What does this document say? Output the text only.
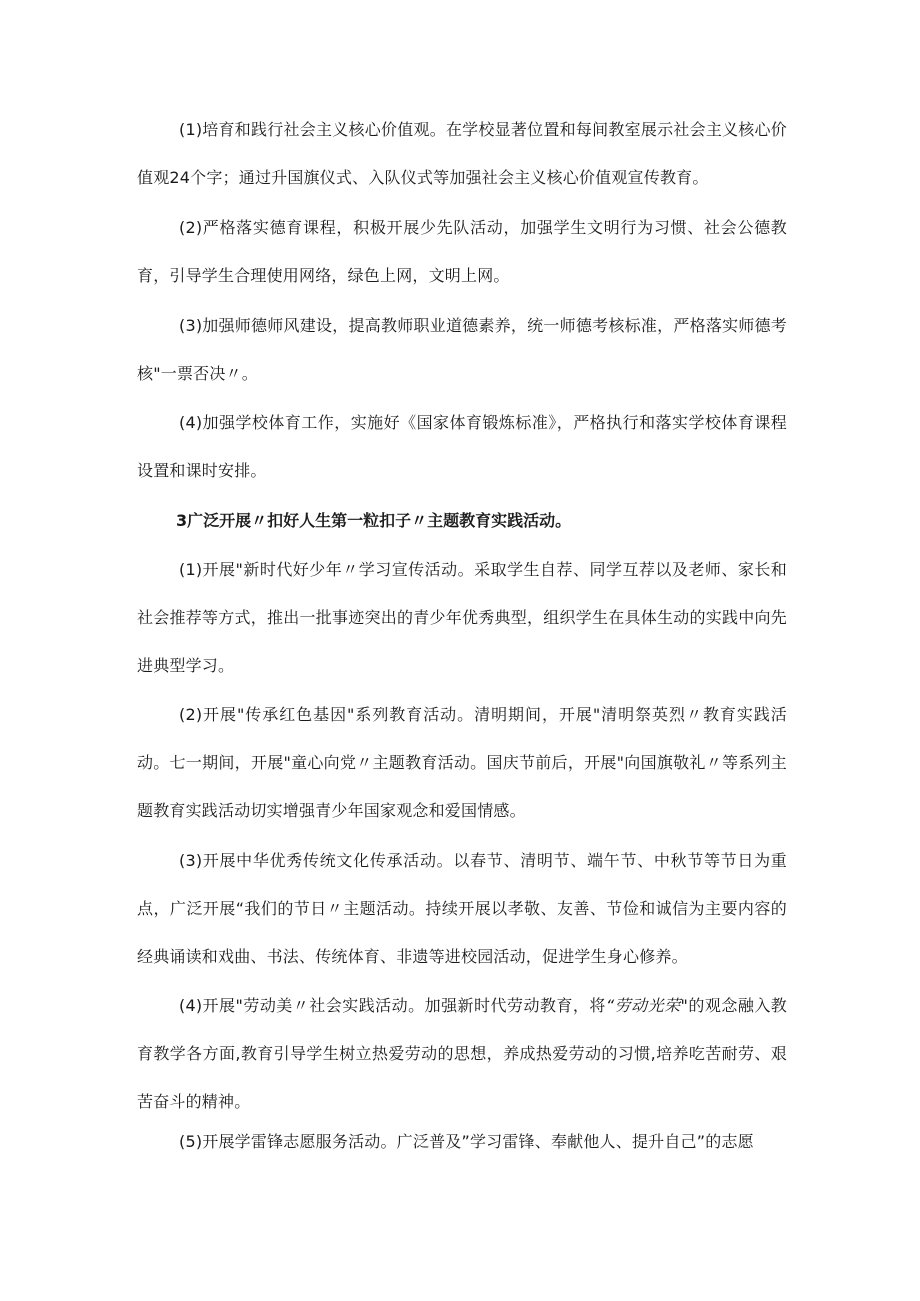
(1)培育和践行社会主义核心价值观。在学校显著位置和每间教室展示社会主义核心价值观24个字；通过升国旗仪式、入队仪式等加强社会主义核心价值观宣传教育。

(2)严格落实德育课程，积极开展少先队活动，加强学生文明行为习惯、社会公德教育，引导学生合理使用网络，绿色上网，文明上网。

(3)加强师德师风建设，提高教师职业道德素养，统一师德考核标准，严格落实师德考核"一票否决〃。

(4)加强学校体育工作，实施好《国家体育锻炼标准》，严格执行和落实学校体育课程设置和课时安排。

3广泛开展〃扣好人生第一粒扣子〃主题教育实践活动。

(1)开展"新时代好少年〃学习宣传活动。采取学生自荐、同学互荐以及老师、家长和社会推荐等方式，推出一批事迹突出的青少年优秀典型，组织学生在具体生动的实践中向先进典型学习。

(2)开展"传承红色基因"系列教育活动。清明期间，开展"清明祭英烈〃教育实践活动。七一期间，开展"童心向党〃主题教育活动。国庆节前后，开展"向国旗敬礼〃等系列主题教育实践活动切实增强青少年国家观念和爱国情感。

(3)开展中华优秀传统文化传承活动。以春节、清明节、端午节、中秋节等节日为重点，广泛开展“我们的节日〃主题活动。持续开展以孝敬、友善、节俭和诚信为主要内容的经典诵读和戏曲、书法、传统体育、非遗等进校园活动，促进学生身心修养。

(4)开展"劳动美〃社会实践活动。加强新时代劳动教育，将“劳动光荣"的观念融入教育教学各方面,教育引导学生树立热爱劳动的思想，养成热爱劳动的习惯,培养吃苦耐劳、艰苦奋斗的精神。

(5)开展学雷锋志愿服务活动。广泛普及”学习雷锋、奉献他人、提升自己”的志愿
